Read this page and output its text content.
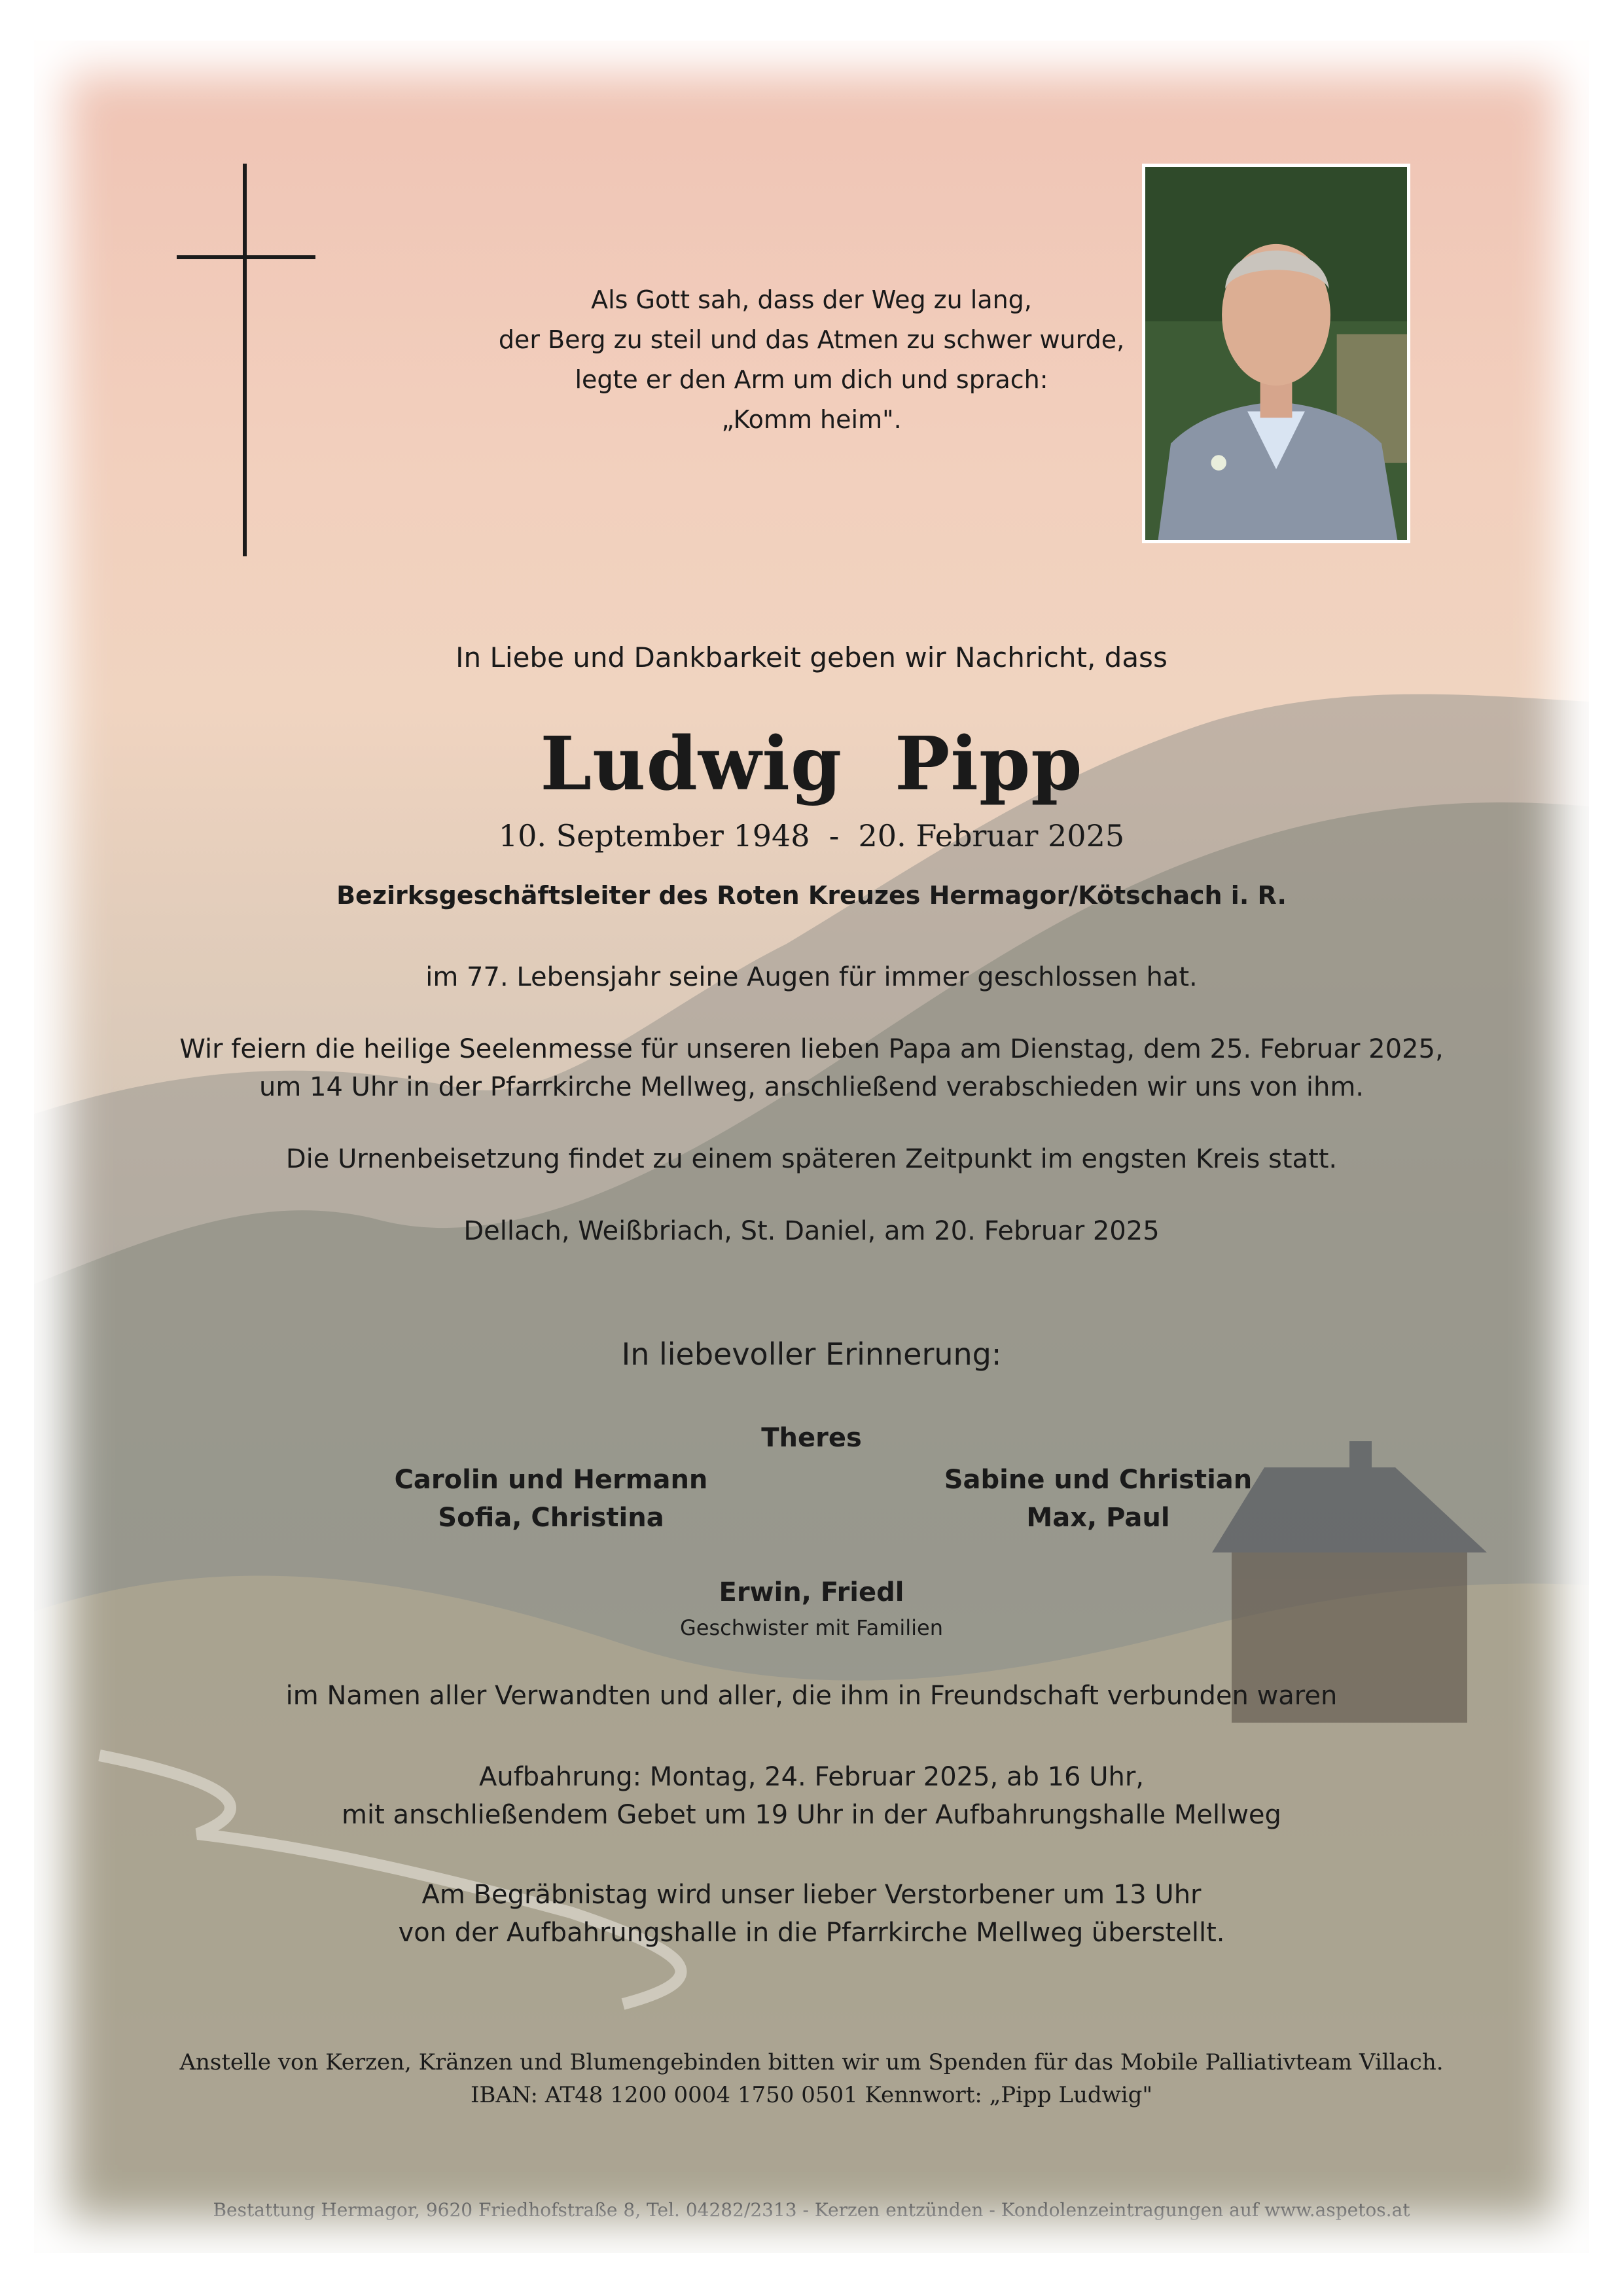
Als Gott sah, dass der Weg zu lang,
der Berg zu steil und das Atmen zu schwer wurde,
legte er den Arm um dich und sprach:
„Komm heim".
In Liebe und Dankbarkeit geben wir Nachricht, dass
Ludwig  Pipp
10. September 1948  -  20. Februar 2025
Bezirksgeschäftsleiter des Roten Kreuzes Hermagor/Kötschach i. R.
im 77. Lebensjahr seine Augen für immer geschlossen hat.
Wir feiern die heilige Seelenmesse für unseren lieben Papa am Dienstag, dem 25. Februar 2025,
um 14 Uhr in der Pfarrkirche Mellweg, anschließend verabschieden wir uns von ihm.
Die Urnenbeisetzung findet zu einem späteren Zeitpunkt im engsten Kreis statt.
Dellach, Weißbriach, St. Daniel, am 20. Februar 2025
In liebevoller Erinnerung:
Theres
Carolin und Hermann
Sofia, Christina
Sabine und Christian
Max, Paul
Erwin, Friedl
Geschwister mit Familien
im Namen aller Verwandten und aller, die ihm in Freundschaft verbunden waren
Aufbahrung: Montag, 24. Februar 2025, ab 16 Uhr,
mit anschließendem Gebet um 19 Uhr in der Aufbahrungshalle Mellweg
Am Begräbnistag wird unser lieber Verstorbener um 13 Uhr
von der Aufbahrungshalle in die Pfarrkirche Mellweg überstellt.
Anstelle von Kerzen, Kränzen und Blumengebinden bitten wir um Spenden für das Mobile Palliativteam Villach.
IBAN: AT48 1200 0004 1750 0501 Kennwort: „Pipp Ludwig"
Bestattung Hermagor, 9620 Friedhofstraße 8, Tel. 04282/2313 - Kerzen entzünden - Kondolenzeintragungen auf www.aspetos.at
